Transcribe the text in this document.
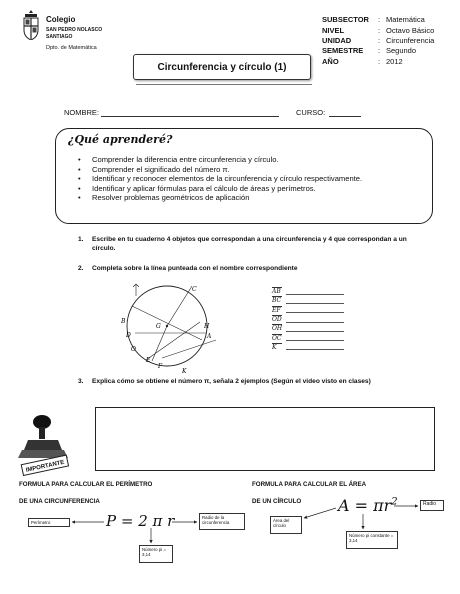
Colegio
SAN PEDRO NOLASCO
SANTIAGO
Dpto. de Matemática
SUBSECTOR	: Matemática
NIVEL	: Octavo Básico
UNIDAD	: Circunferencia
SEMESTRE	: Segundo
AÑO	: 2012
Circunferencia y círculo (1)
NOMBRE:	CURSO:
¿Qué aprenderé?
• Comprender la diferencia entre circunferencia y círculo.
• Comprender el significado del número π.
• Identificar y reconocer elementos de la circunferencia y círculo respectivamente.
• Identificar y aplicar fórmulas para el cálculo de áreas y perímetros.
• Resolver problemas geométricos de aplicación
1.	Escribe en tu cuaderno 4 objetos que correspondan a una circunferencia y 4 que correspondan a un círculo.
2.	Completa sobre la línea punteada con el nombre correspondiente
C
B
D
O
E
F
G	H
A
K
AB
BC
EF
OD
OH
OC
K
3.	Explica cómo se obtiene el número π, señala 2 ejemplos (Según el video visto en clases)
IMPORTANTE
FORMULA PARA CALCULAR EL PERÍMETRO
DE UNA CIRCUNFERENCIA
Perímetro	P = 2 π r	Radio de la circunferencia
Número pi = 3,14
FORMULA PARA CALCULAR EL ÁREA
DE UN CÍRCULO $A = \pi r^2$	Radio
Área del círculo
Número pi constante = 3,14
